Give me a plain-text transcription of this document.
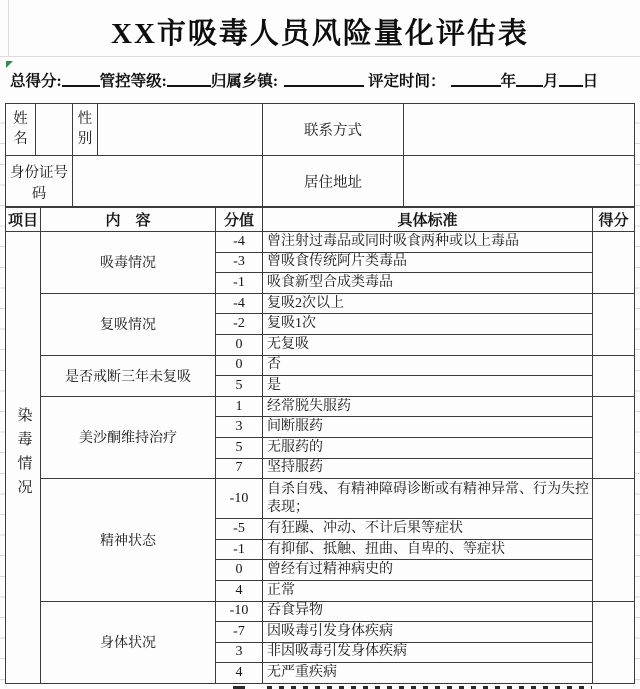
XX市吸毒人员风险量化评估表
总得分: 管控等级:	归属乡镇:	评定时间：	年 月 日
姓名		性别		联系方式	
身份证号码				居住地址	
项目	内　容	分值	具体标准	得分
染毒情况	吸毒情况	-4	曾注射过毒品或同时吸食两种或以上毒品	
		-3	曾吸食传统阿片类毒品	
		-1	吸食新型合成类毒品	
	复吸情况	-4	复吸2次以上	
		-2	复吸1次	
		0	无复吸	
	是否戒断三年未复吸	0	否	
		5	是	
	美沙酮维持治疗	1	经常脱失服药	
		3	间断服药	
		5	无服药的	
		7	坚持服药	
	精神状态	-10	自杀自残、有精神障碍诊断或有精神异常、行为失控表现；	
		-5	有狂躁、冲动、不计后果等症状	
		-1	有抑郁、抵触、扭曲、自卑的、等症状	
		0	曾经有过精神病史的	
		4	正常	
	身体状况	-10	吞食异物	
		-7	因吸毒引发身体疾病	
		3	非因吸毒引发身体疾病	
		4	无严重疾病	
